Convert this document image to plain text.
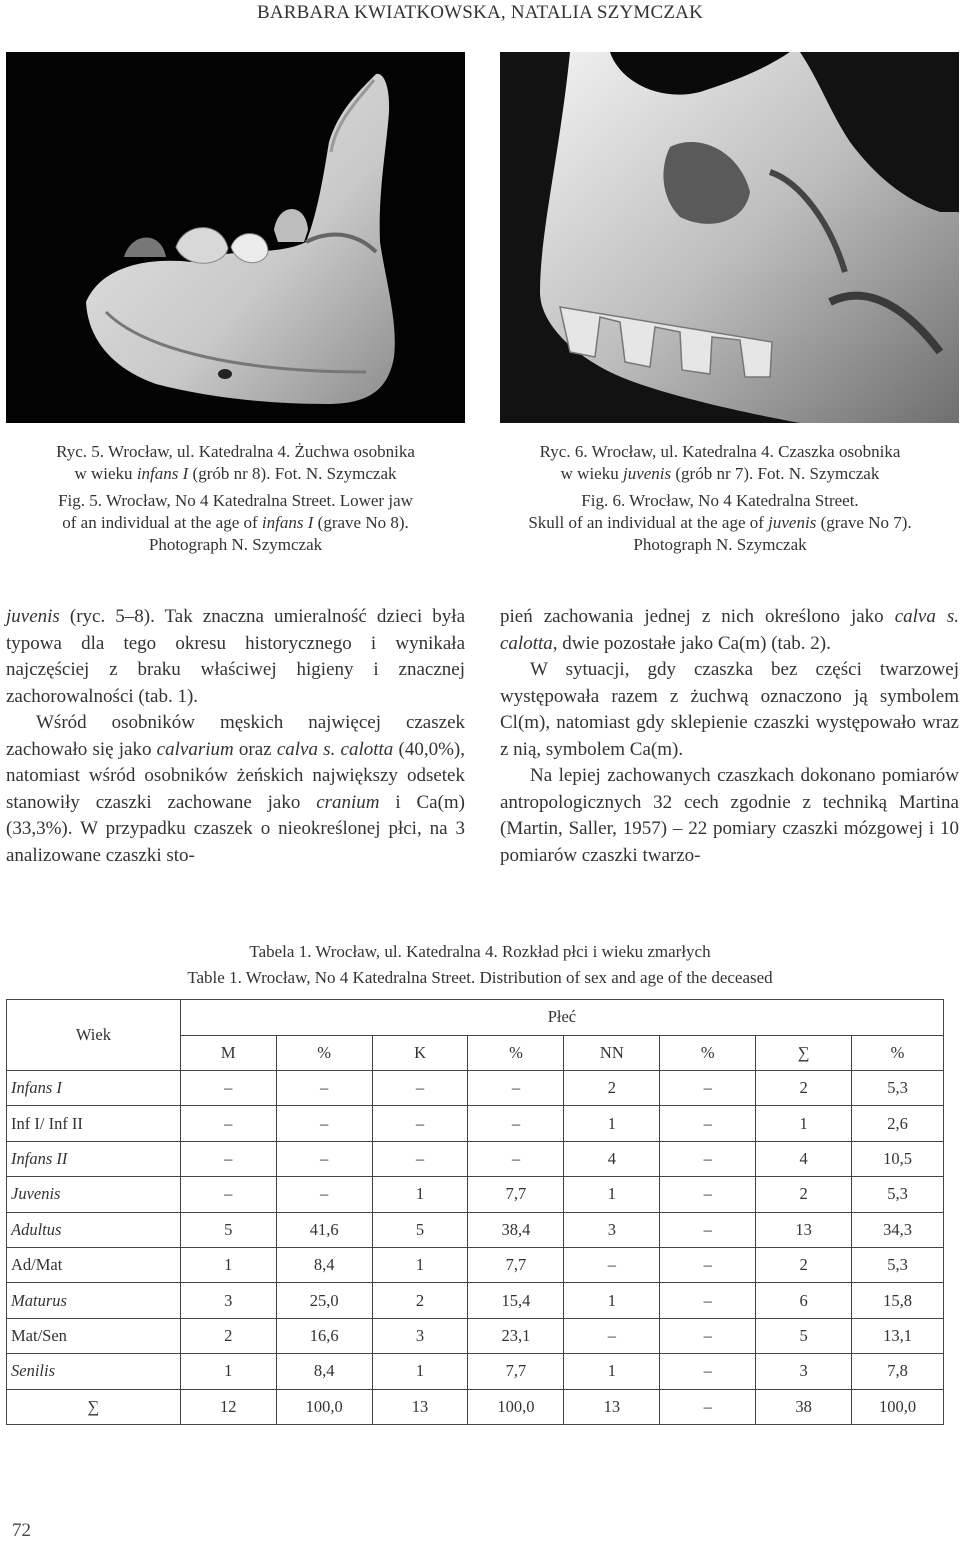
BARBARA KWIATKOWSKA, NATALIA SZYMCZAK

Ryc. 5. Wrocław, ul. Katedralna 4. Żuchwa osobnika

w wieku infans I (grób nr 8). Fot. N. Szymczak

Fig. 5. Wrocław, No 4 Katedralna Street. Lower jaw

of an individual at the age of infans I (grave No 8).

Photograph N. Szymczak

Ryc. 6. Wrocław, ul. Katedralna 4. Czaszka osobnika

w wieku juvenis (grób nr 7). Fot. N. Szymczak

Fig. 6. Wrocław, No 4 Katedralna Street.

Skull of an individual at the age of juvenis (grave No 7).

Photograph N. Szymczak

juvenis (ryc. 5–8). Tak znaczna umieralność dzieci była typowa dla tego okresu historycznego i wynikała najczęściej z braku właściwej higieny i znacznej zachorowalności (tab. 1).

Wśród osobników męskich najwięcej czaszek zachowało się jako calvarium oraz calva s. calotta (40,0%), natomiast wśród osobników żeńskich największy odsetek stanowiły czaszki zachowane jako cranium i Ca(m) (33,3%). W przypadku czaszek o nieokreślonej płci, na 3 analizowane czaszki sto-

pień zachowania jednej z nich określono jako calva s. calotta, dwie pozostałe jako Ca(m) (tab. 2).

W sytuacji, gdy czaszka bez części twarzowej występowała razem z żuchwą oznaczono ją symbolem Cl(m), natomiast gdy sklepienie czaszki występowało wraz z nią, symbolem Ca(m).

Na lepiej zachowanych czaszkach dokonano pomiarów antropologicznych 32 cech zgodnie z techniką Martina (Martin, Saller, 1957) – 22 pomiary czaszki mózgowej i 10 pomiarów czaszki twarzo-

Tabela 1. Wrocław, ul. Katedralna 4. Rozkład płci i wieku zmarłych
Table 1. Wrocław, No 4 Katedralna Street. Distribution of sex and age of the deceased
Wiek	Płeć							
	M	%	K	%	NN	%	∑	%
Infans I	–	–	–	–	2	–	2	5,3
Inf I/ Inf II	–	–	–	–	1	–	1	2,6
Infans II	–	–	–	–	4	–	4	10,5
Juvenis	–	–	1	7,7	1	–	2	5,3
Adultus	5	41,6	5	38,4	3	–	13	34,3
Ad/Mat	1	8,4	1	7,7	–	–	2	5,3
Maturus	3	25,0	2	15,4	1	–	6	15,8
Mat/Sen	2	16,6	3	23,1	–	–	5	13,1
Senilis	1	8,4	1	7,7	1	–	3	7,8
∑	12	100,0	13	100,0	13	–	38	100,0
72
